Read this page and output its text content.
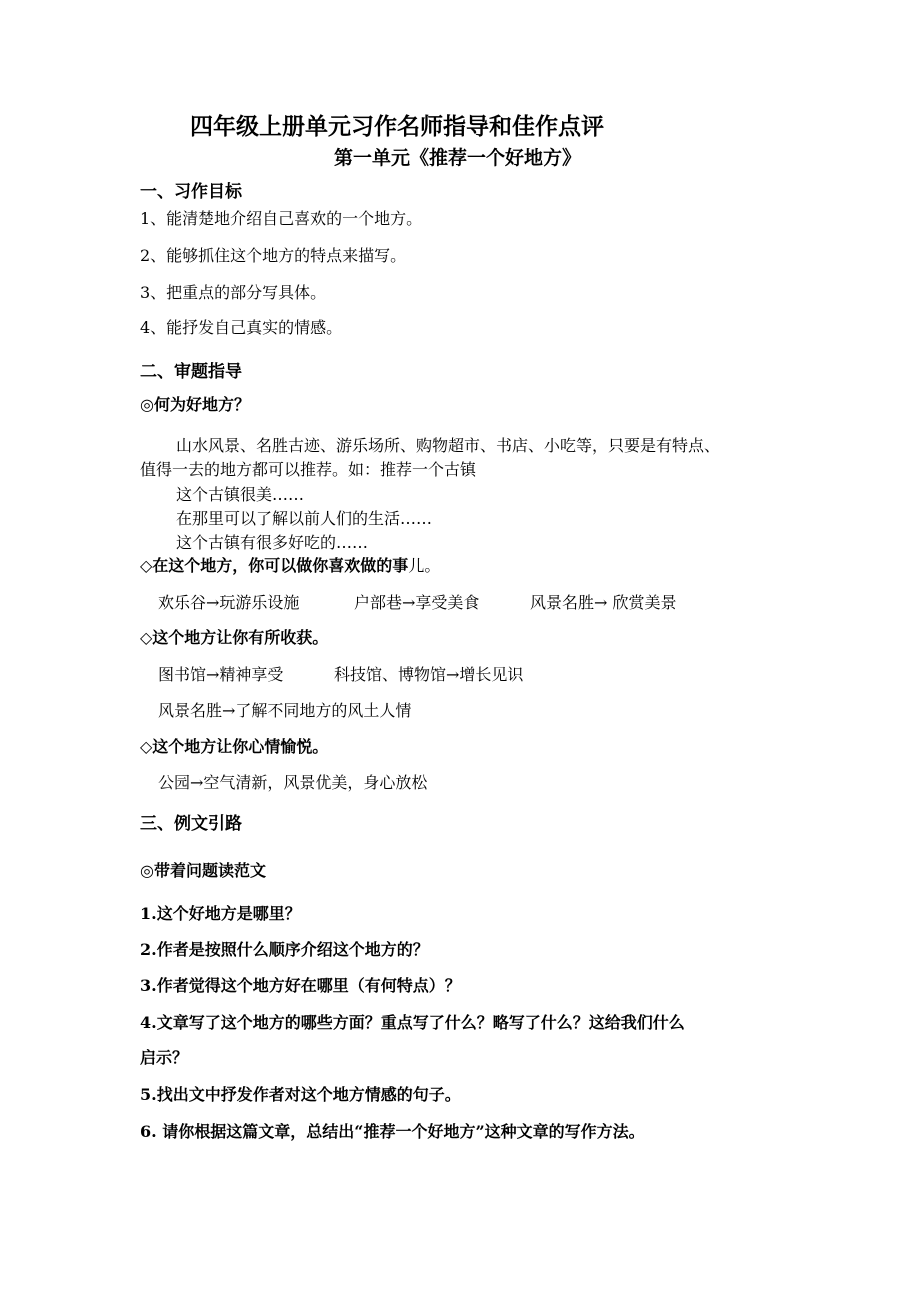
四年级上册单元习作名师指导和佳作点评
第一单元《推荐一个好地方》
一、习作目标
1、能清楚地介绍自己喜欢的一个地方。
2、能够抓住这个地方的特点来描写。
3、把重点的部分写具体。
4、能抒发自己真实的情感。
二、审题指导
◎何为好地方？
山水风景、名胜古迹、游乐场所、购物超市、书店、小吃等，只要是有特点、
值得一去的地方都可以推荐。如：推荐一个古镇
这个古镇很美……
在那里可以了解以前人们的生活……
这个古镇有很多好吃的……
◇在这个地方，你可以做你喜欢做的事儿。
欢乐谷→玩游乐设施	户部巷→享受美食	风景名胜→ 欣赏美景
◇这个地方让你有所收获。
图书馆→精神享受	科技馆、博物馆→增长见识
风景名胜→了解不同地方的风土人情
◇这个地方让你心情愉悦。
公园→空气清新，风景优美，身心放松
三、例文引路
◎带着问题读范文
1.这个好地方是哪里？
2.作者是按照什么顺序介绍这个地方的？
3.作者觉得这个地方好在哪里（有何特点）？
4.文章写了这个地方的哪些方面？重点写了什么？略写了什么？这给我们什么
启示？
5.找出文中抒发作者对这个地方情感的句子。
6. 请你根据这篇文章，总结出“推荐一个好地方”这种文章的写作方法。
